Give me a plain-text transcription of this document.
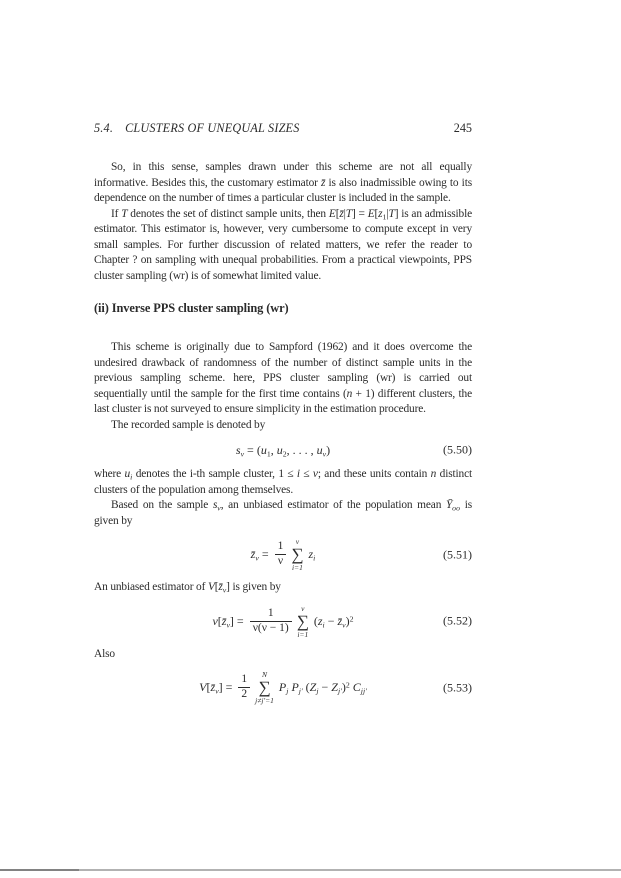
5.4. CLUSTERS OF UNEQUAL SIZES	245
So, in this sense, samples drawn under this scheme are not all equally informative. Besides this, the customary estimator z̄ is also inadmissible owing to its dependence on the number of times a particular cluster is included in the sample.
If T denotes the set of distinct sample units, then E[z̄|T] = $E[z_1|T]$ is an admissible estimator. This estimator is, however, very cumbersome to compute except in very small samples. For further discussion of related matters, we refer the reader to Chapter ? on sampling with unequal probabilities. From a practical viewpoints, PPS cluster sampling (wr) is of somewhat limited value.
(ii) Inverse PPS cluster sampling (wr)
This scheme is originally due to Sampford (1962) and it does overcome the undesired drawback of randomness of the number of distinct sample units in the previous sampling scheme. here, PPS cluster sampling (wr) is carried out sequentially until the sample for the first time contains (n + 1) different clusters, the last cluster is not surveyed to ensure simplicity in the estimation procedure.
The recorded sample is denoted by
$s_\nu = (u_1$, $u_2$, . . . , $u_\nu$)	(5.50)
where $u_i$ denotes the i-th sample cluster, 1 ≤ i ≤ ν; and these units contain n distinct clusters of the population among themselves.
Based on the sample $s_\nu$, an unbiased estimator of the population mean $Ȳ_{oo}$ is given by
$z̄_\nu = \frac{1}{\nu}$ ν
∑
i=1
$z_i$	(5.51)
An unbiased estimator of $V[z̄_\nu]$ is given by
$v[z̄_\nu] = \frac{1}{\nu(\nu - 1)}$ ν
∑
i=1
($z_i$ − $z̄_\nu)^2$	(5.52)
Also
$V[z̄_\nu] = \frac{1}{2}$ N
∑
j≠j′=1
$P_j$ $P_{j'}$ $(Z_j - Z_{j'})^2$ $C_{jj'}$	(5.53)
